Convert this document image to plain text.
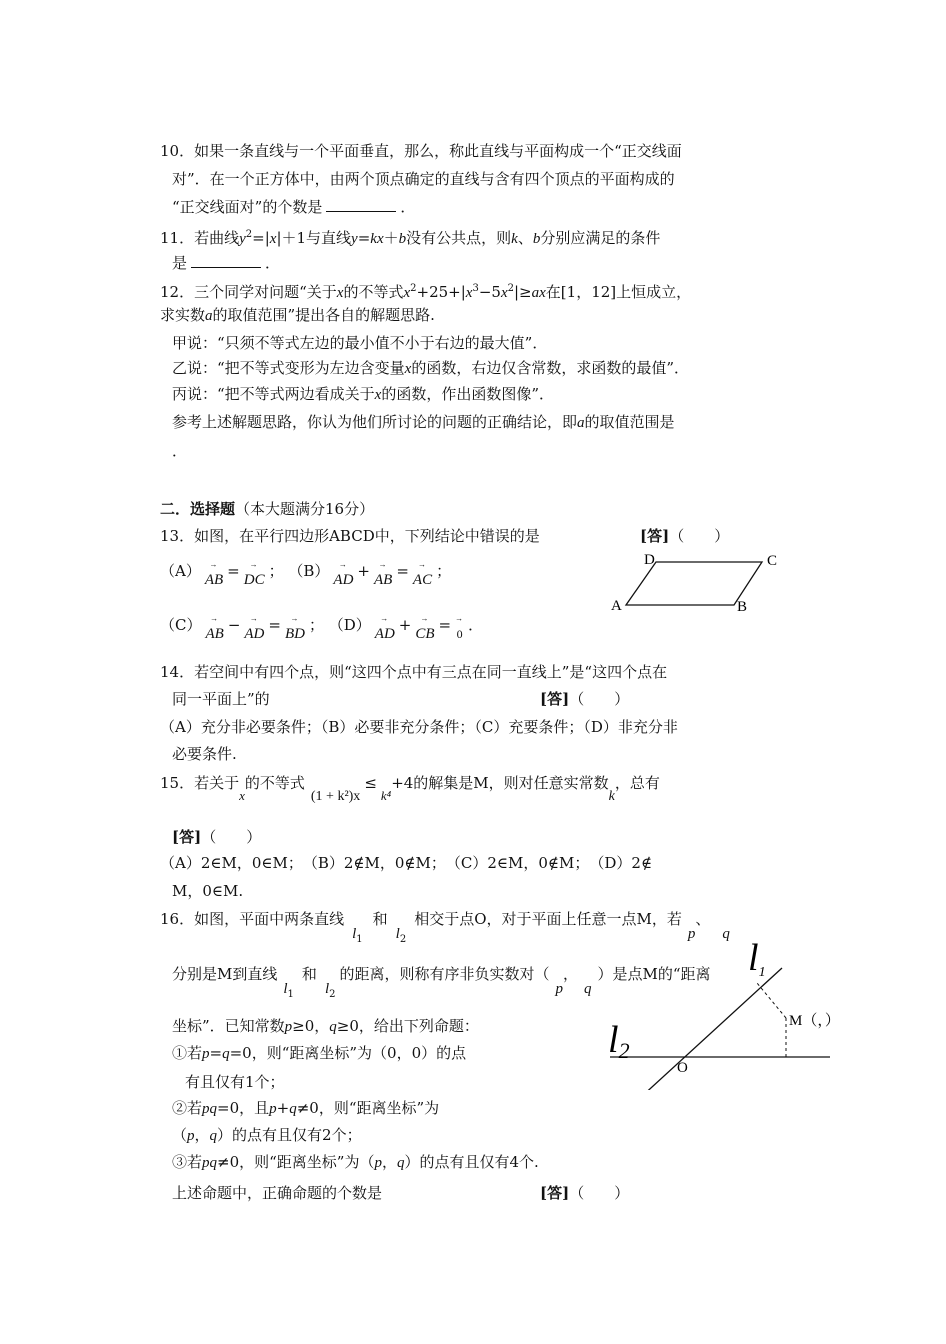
10．如果一条直线与一个平面垂直，那么，称此直线与平面构成一个“正交线面
对”．在一个正方体中，由两个顶点确定的直线与含有四个顶点的平面构成的
“正交线面对”的个数是	．
11．若曲线$y^2=|x|+1$与直线y=kx＋b没有公共点，则k、b分别应满足的条件
是	．
12．三个同学对问题“关于x的不等式$x^2+25+|x^3-5x^2|\ge ax$在[1，12]上恒成立，
求实数a的取值范围”提出各自的解题思路.
甲说：“只须不等式左边的最小值不小于右边的最大值”．
乙说：“把不等式变形为左边含变量x的函数，右边仅含常数，求函数的最值”．
丙说：“把不等式两边看成关于x的函数，作出函数图像”．
参考上述解题思路，你认为他们所讨论的问题的正确结论，即a的取值范围是
．
二．选择题（本大题满分16分）
13．如图，在平行四边形ABCD中，下列结论中错误的是	[答]（　　）
（A）	→
AB =	→
DC ； （B）	→
AD +	→
AB =	→
AC ；
（C）	→
AB −	→
AD =	→
BD ； （D）	→
AD +	→
CB = →
0 ．
A	B
C
D
14．若空间中有四个点，则“这四个点中有三点在同一直线上”是“这四个点在
同一平面上”的	[答]（　　）
（A）充分非必要条件；（B）必要非充分条件；（C）充要条件；（D）非充分非
必要条件.
15．若关于x的不等式(1 + k²)x≤k⁴+4的解集是M，则对任意实常数k，总有
[答]（　　）
（A）2∈M，0∈M；　（B）2∉M，0∉M；　（C）2∈M，0∉M；　（D）2∉
M，0∈M.
16．如图，平面中两条直线$l_1$和$l_2$相交于点O，对于平面上任意一点M，若p、q
分别是M到直线$l_1$和$l_2$的距离，则称有序非负实数对（p，q）是点M的“距离
坐标”．已知常数p≥0，q≥0，给出下列命题：
①若p=q=0，则“距离坐标”为（0，0）的点
有且仅有1个；
②若pq=0，且p+q≠0，则“距离坐标”为
（p，q）的点有且仅有2个；
③若pq≠0，则“距离坐标”为（p，q）的点有且仅有4个.
上述命题中，正确命题的个数是	[答]（　　）
l1
l2
O
M（，）
